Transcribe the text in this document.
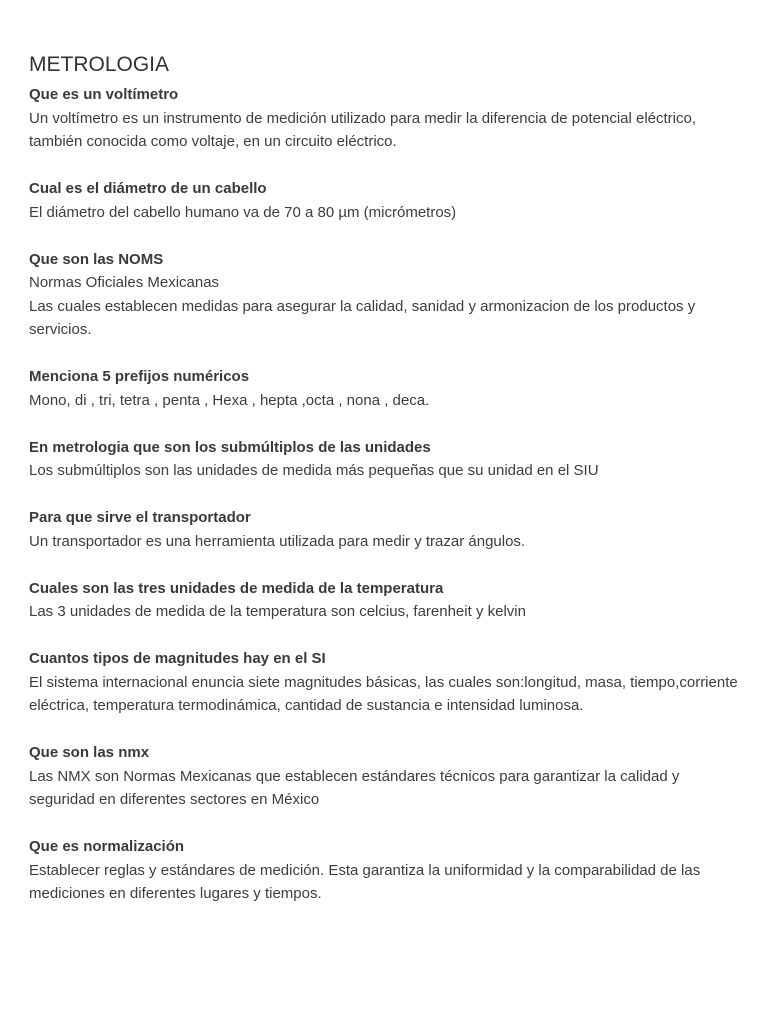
METROLOGIA

Que es un voltímetro

Un voltímetro es un instrumento de medición utilizado para medir la diferencia de potencial eléctrico, también conocida como voltaje, en un circuito eléctrico.

Cual es el diámetro de un cabello

El diámetro del cabello humano va de 70 a 80 µm (micrómetros)

Que son las NOMS

Normas Oficiales Mexicanas

Las cuales establecen medidas para asegurar la calidad, sanidad y armonizacion de los productos y servicios.

Menciona 5 prefijos numéricos

Mono, di , tri, tetra , penta , Hexa , hepta ,octa , nona , deca.

En metrologia que son los submúltiplos de las unidades

Los submúltiplos son las unidades de medida más pequeñas que su unidad en el SIU

Para que sirve el transportador

Un transportador es una herramienta utilizada para medir y trazar ángulos.

Cuales son las tres unidades de medida de la temperatura

Las 3 unidades de medida de la temperatura son celcius, farenheit y kelvin

Cuantos tipos de magnitudes hay en el SI

El sistema internacional enuncia siete magnitudes básicas, las cuales son:longitud, masa, tiempo,corriente eléctrica, temperatura termodinámica, cantidad de sustancia e intensidad luminosa.

Que son las nmx

Las NMX son Normas Mexicanas que establecen estándares técnicos para garantizar la calidad y seguridad en diferentes sectores en México

Que es normalización

Establecer reglas y estándares de medición. Esta garantiza la uniformidad y la comparabilidad de las mediciones en diferentes lugares y tiempos.
